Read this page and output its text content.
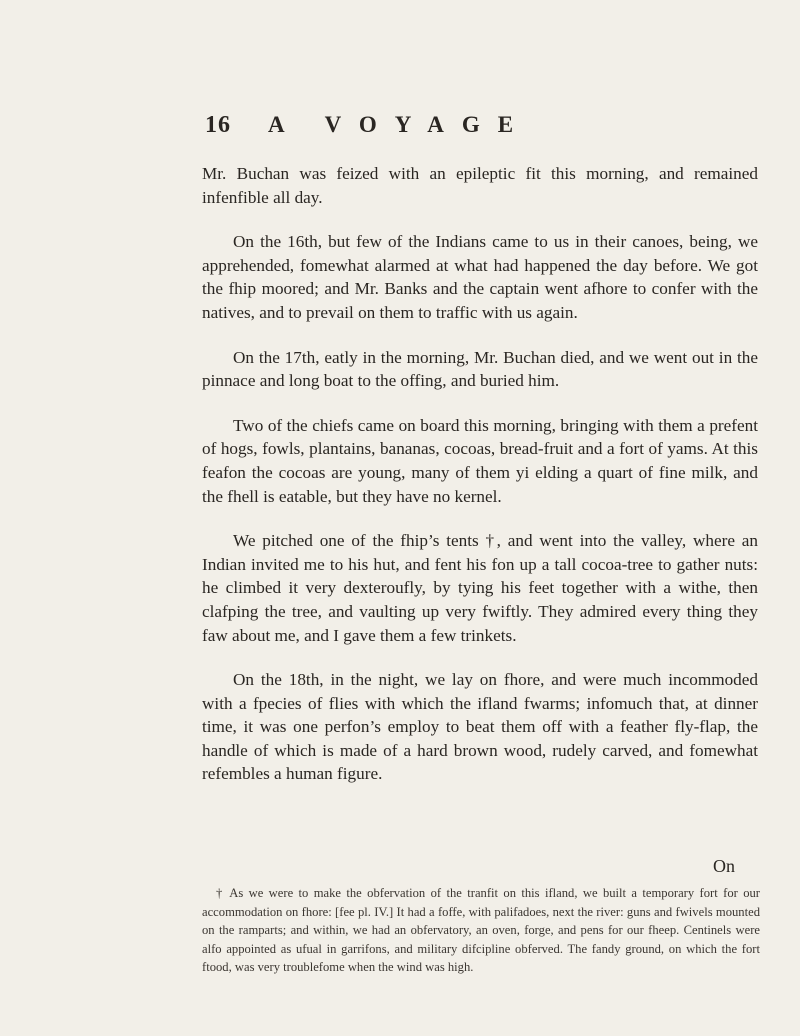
16 A VOYAGE

Mr. Buchan was feized with an epileptic fit this morning, and remained infenfible all day.

On the 16th, but few of the Indians came to us in their canoes, being, we apprehended, fomewhat alarmed at what had happened the day before. We got the fhip moored; and Mr. Banks and the captain went afhore to confer with the natives, and to prevail on them to traffic with us again.

On the 17th, eatly in the morning, Mr. Buchan died, and we went out in the pinnace and long boat to the offing, and buried him.

Two of the chiefs came on board this morning, bringing with them a prefent of hogs, fowls, plantains, bananas, cocoas, bread-fruit and a fort of yams. At this feafon the cocoas are young, many of them yi elding a quart of fine milk, and the fhell is eatable, but they have no kernel.

We pitched one of the fhip’s tents †, and went into the valley, where an Indian invited me to his hut, and fent his fon up a tall cocoa-tree to gather nuts: he climbed it very dexteroufly, by tying his feet together with a withe, then clafping the tree, and vaulting up very fwiftly. They admired every thing they faw about me, and I gave them a few trinkets.

On the 18th, in the night, we lay on fhore, and were much incommoded with a fpecies of flies with which the ifland fwarms; infomuch that, at dinner time, it was one perfon’s employ to beat them off with a feather fly-flap, the handle of which is made of a hard brown wood, rudely carved, and fomewhat refembles a human figure.

† As we were to make the obfervation of the tranfit on this ifland, we built a temporary fort for our accommodation on fhore: [fee pl. IV.] It had a foffe, with palifadoes, next the river: guns and fwivels mounted on the ramparts; and within, we had an obfervatory, an oven, forge, and pens for our fheep. Centinels were alfo appointed as ufual in garrifons, and military difcipline obferved. The fandy ground, on which the fort ftood, was very troublefome when the wind was high.
On
